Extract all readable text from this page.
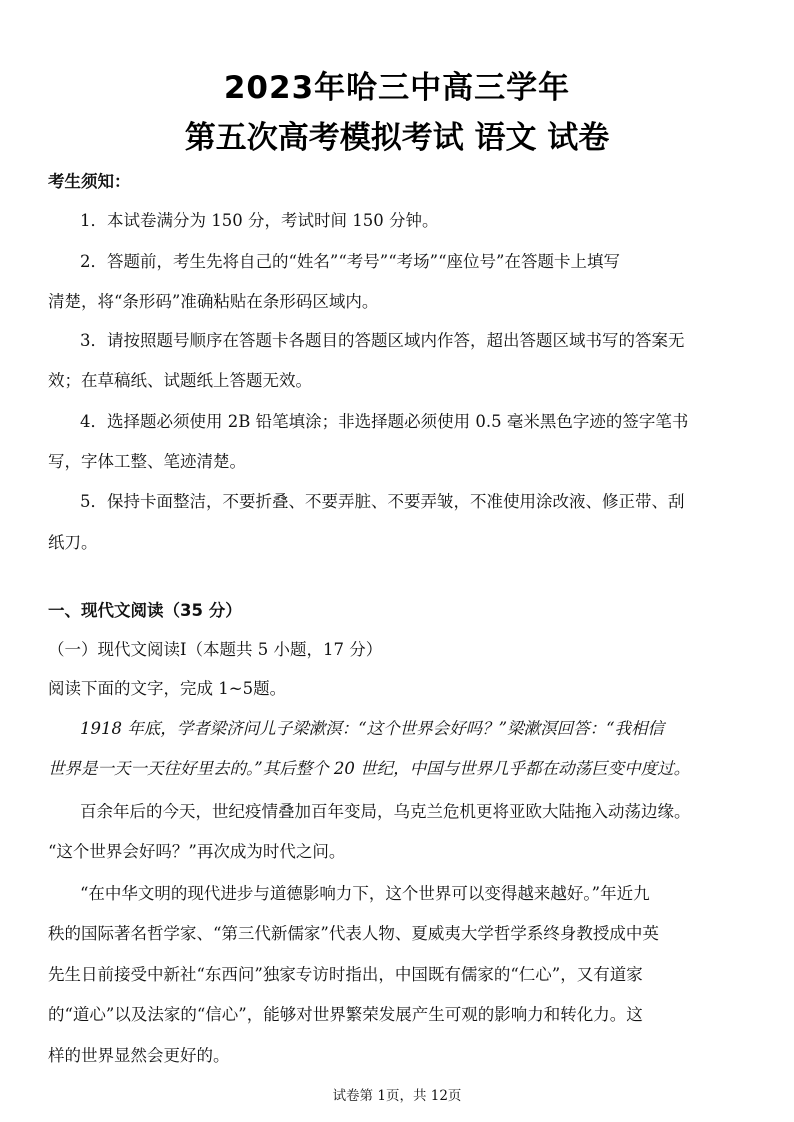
2023年哈三中高三学年
第五次高考模拟考试 语文 试卷
考生须知：
1．本试卷满分为 150 分，考试时间 150 分钟。
2．答题前，考生先将自己的“姓名”“考号”“考场”“座位号”在答题卡上填写
清楚，将“条形码”准确粘贴在条形码区域内。
3．请按照题号顺序在答题卡各题目的答题区域内作答，超出答题区域书写的答案无
效；在草稿纸、试题纸上答题无效。
4．选择题必须使用 2B 铅笔填涂；非选择题必须使用 0.5 毫米黑色字迹的签字笔书
写，字体工整、笔迹清楚。
5．保持卡面整洁，不要折叠、不要弄脏、不要弄皱，不准使用涂改液、修正带、刮
纸刀。
一、现代文阅读（35 分）
（一）现代文阅读Ⅰ（本题共 5 小题，17 分）
阅读下面的文字，完成 1~5题。
1918 年底，学者梁济问儿子梁漱溟：“这个世界会好吗？”梁漱溟回答：“我相信
世界是一天一天往好里去的。”其后整个 20 世纪，中国与世界几乎都在动荡巨变中度过。
百余年后的今天，世纪疫情叠加百年变局，乌克兰危机更将亚欧大陆拖入动荡边缘。
“这个世界会好吗？”再次成为时代之问。
“在中华文明的现代进步与道德影响力下，这个世界可以变得越来越好。”年近九
秩的国际著名哲学家、“第三代新儒家”代表人物、夏威夷大学哲学系终身教授成中英
先生日前接受中新社“东西问”独家专访时指出，中国既有儒家的“仁心”，又有道家
的“道心”以及法家的“信心”，能够对世界繁荣发展产生可观的影响力和转化力。这
样的世界显然会更好的。
试卷第 1页，共 12页
